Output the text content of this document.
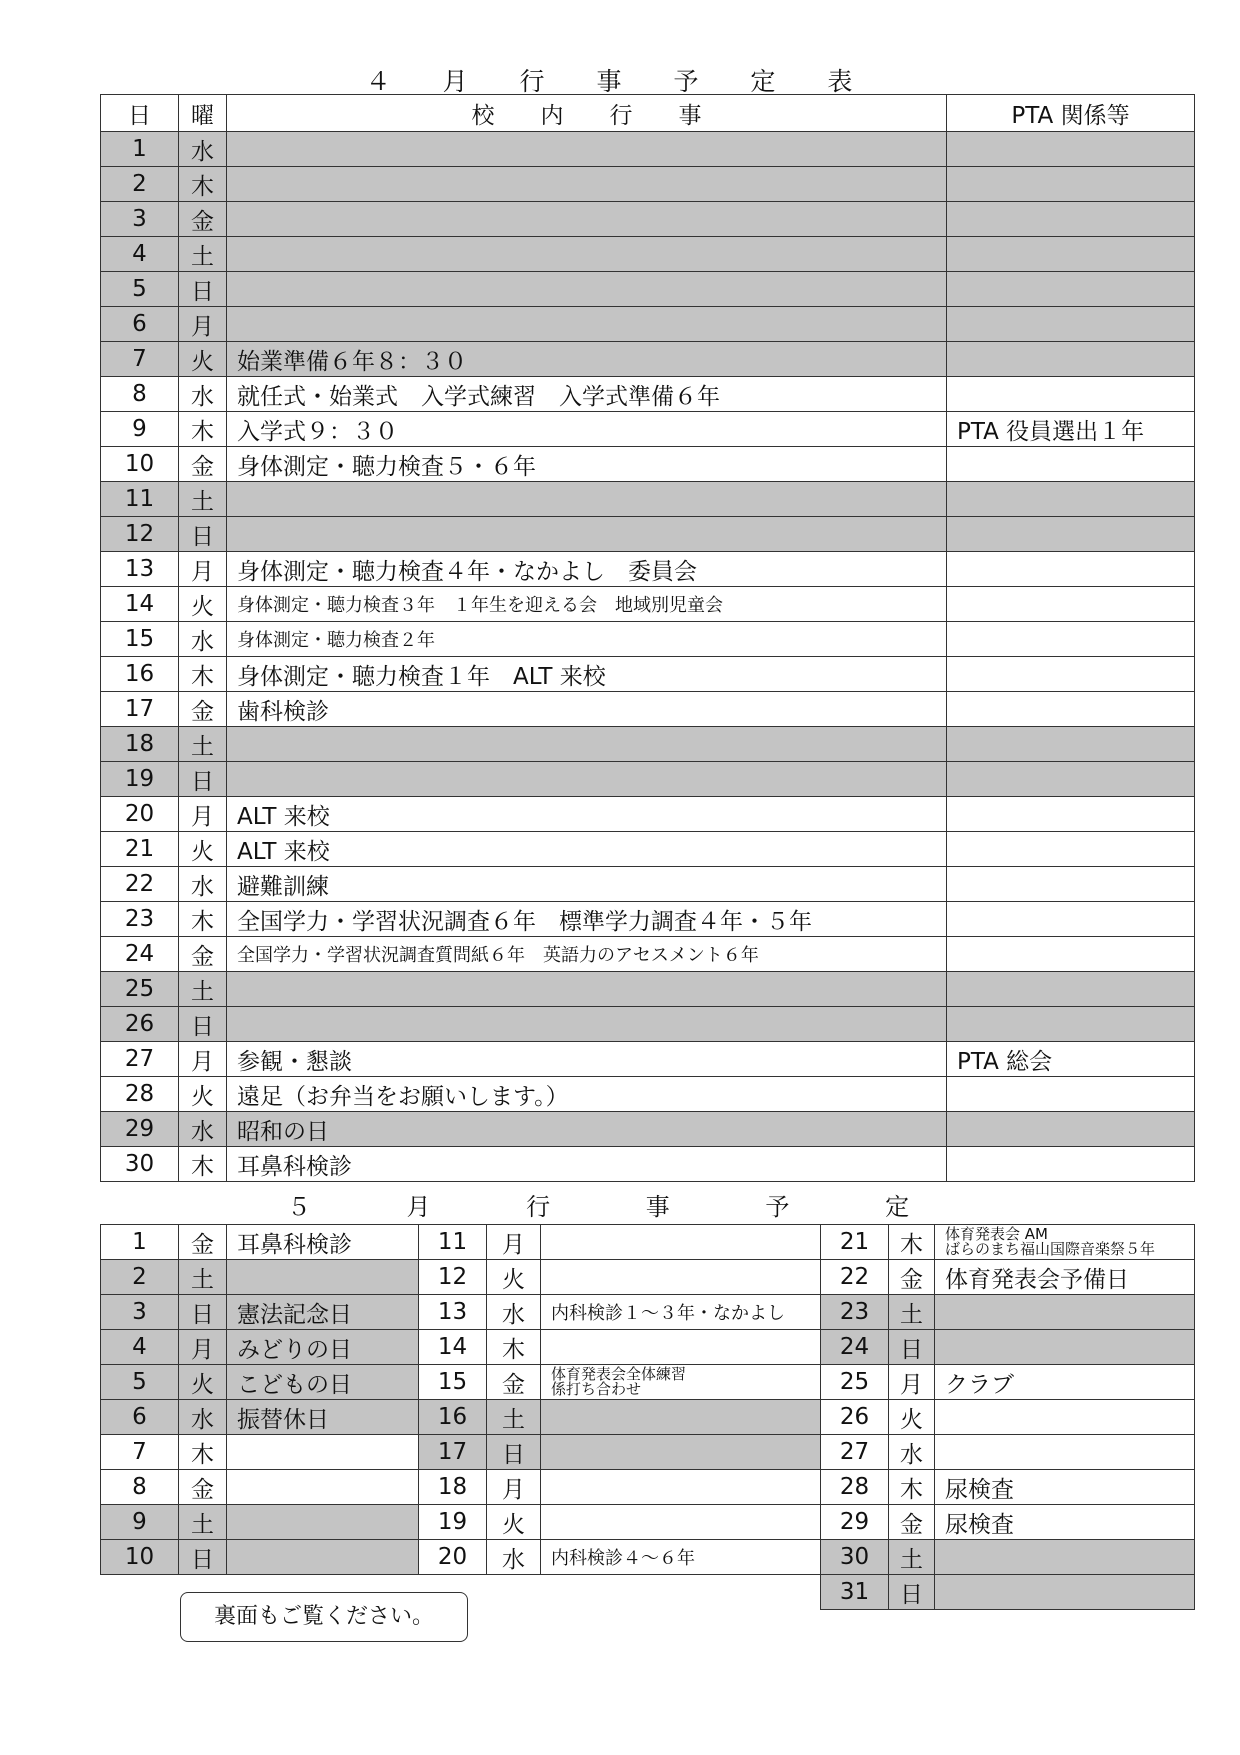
４ 月 行 事 予 定 表
日	曜	校　　内　　行　　事	PTA 関係等
1	水		
2	木		
3	金		
4	土		
5	日		
6	月		
7	火	始業準備６年８：３０	
8	水	就任式・始業式　入学式練習　入学式準備６年	
9	木	入学式９：３０	PTA 役員選出１年
10	金	身体測定・聴力検査５・６年	
11	土		
12	日		
13	月	身体測定・聴力検査４年・なかよし　委員会	
14	火	身体測定・聴力検査３年　１年生を迎える会　地域別児童会	
15	水	身体測定・聴力検査２年	
16	木	身体測定・聴力検査１年　ALT 来校	
17	金	歯科検診	
18	土		
19	日		
20	月	ALT 来校	
21	火	ALT 来校	
22	水	避難訓練	
23	木	全国学力・学習状況調査６年　標準学力調査４年・５年	
24	金	全国学力・学習状況調査質問紙６年　英語力のアセスメント６年	
25	土		
26	日		
27	月	参観・懇談	PTA 総会
28	火	遠足（お弁当をお願いします。）	
29	水	昭和の日	
30	木	耳鼻科検診	
５ 月 行 事 予 定
1	金	耳鼻科検診	11	月		21	木	体育発表会 AM
ばらのまち福山国際音楽祭５年
2	土		12	火		22	金	体育発表会予備日
3	日	憲法記念日	13	水	内科検診１～３年・なかよし	23	土	
4	月	みどりの日	14	木		24	日	
5	火	こどもの日	15	金	体育発表会全体練習
係打ち合わせ	25	月	クラブ
6	水	振替休日	16	土		26	火	
7	木		17	日		27	水	
8	金		18	月		28	木	尿検査
9	土		19	火		29	金	尿検査
10	日		20	水	内科検診４～６年	30	土	
						31	日	
裏面もご覧ください。
